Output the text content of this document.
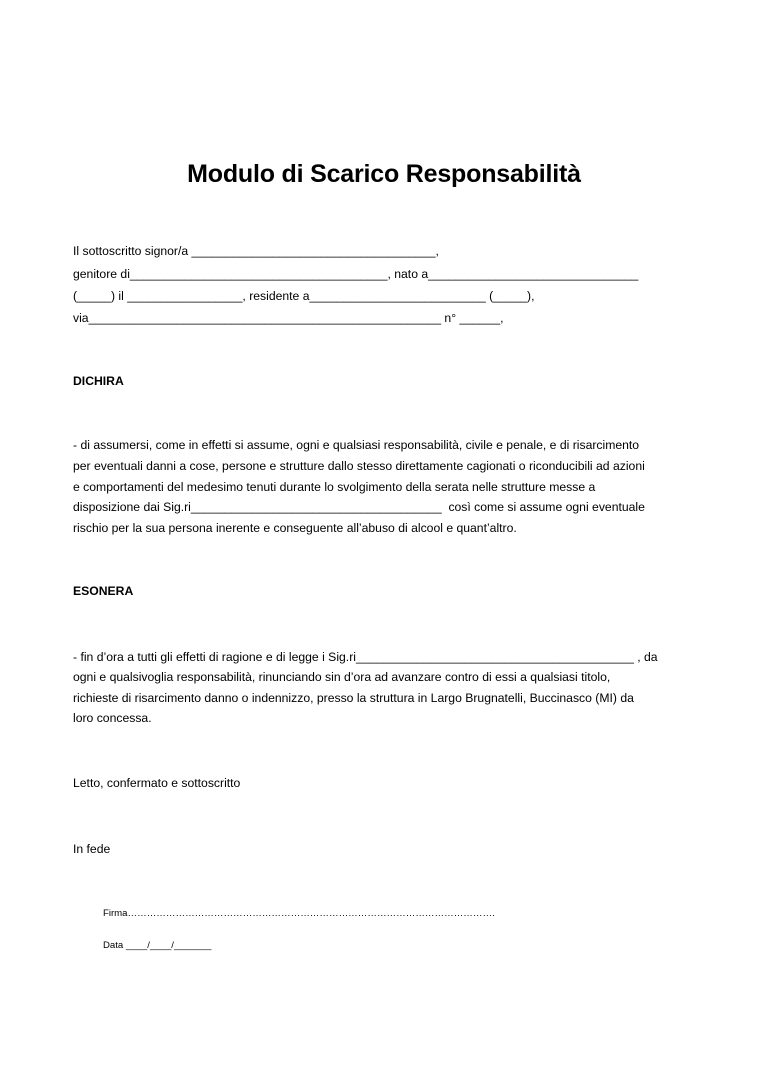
Modulo di Scarico Responsabilità
Il sottoscritto signor/a ____________________________________,
genitore di______________________________________, nato a_______________________________
(_____) il _________________, residente a__________________________ (_____),
via____________________________________________________ n° ______,
DICHIRA
- di assumersi, come in effetti si assume, ogni e qualsiasi responsabilità, civile e penale, e di risarcimento
per eventuali danni a cose, persone e strutture dallo stesso direttamente cagionati o riconducibili ad azioni
e comportamenti del medesimo tenuti durante lo svolgimento della serata nelle strutture messe a
disposizione dai Sig.ri_____________________________________  così come si assume ogni eventuale
rischio per la sua persona inerente e conseguente all’abuso di alcool e quant’altro.
ESONERA
- fin d’ora a tutti gli effetti di ragione e di legge i Sig.ri_________________________________________ , da
ogni e qualsivoglia responsabilità, rinunciando sin d’ora ad avanzare contro di essi a qualsiasi titolo,
richieste di risarcimento danno o indennizzo, presso la struttura in Largo Brugnatelli, Buccinasco (MI) da
loro concessa.
Letto, confermato e sottoscritto
In fede
Firma…………………………………………………………………………………………………….
Data ____/____/_______
